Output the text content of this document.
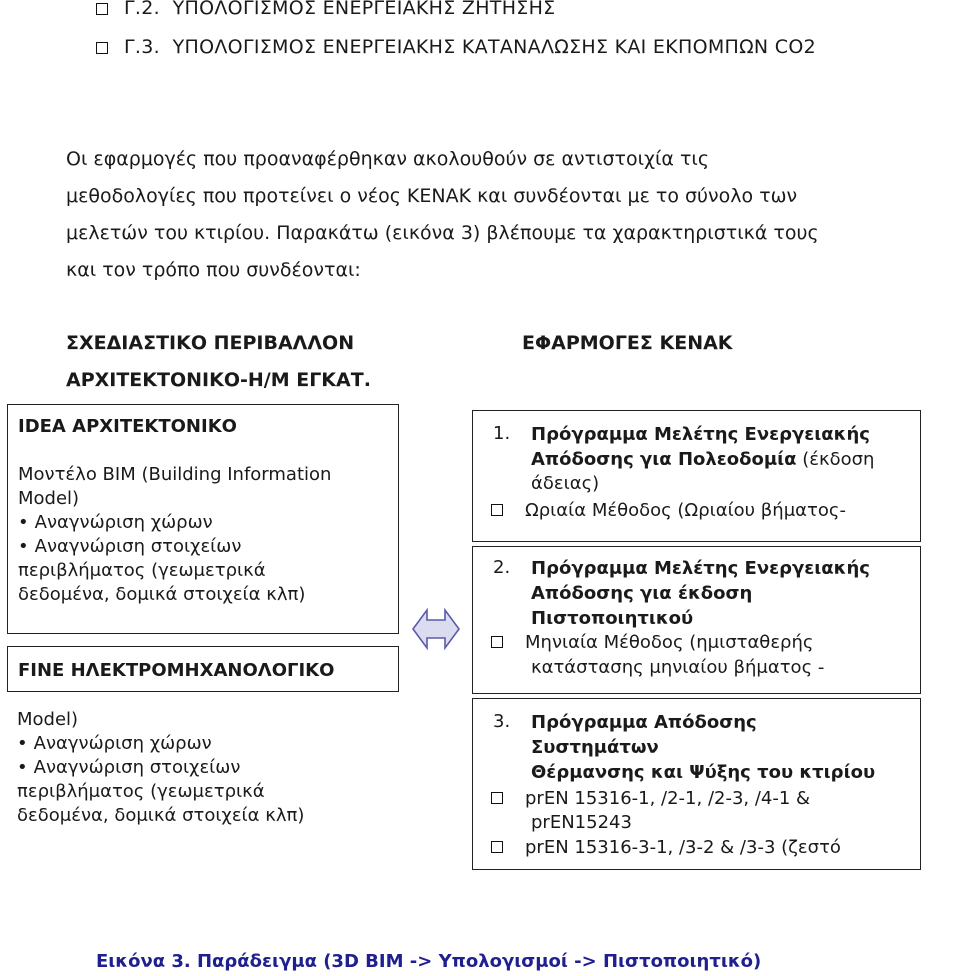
Γ.2. ΥΠΟΛΟΓΙΣΜΟΣ ΕΝΕΡΓΕΙΑΚΗΣ ΖΗΤΗΣΗΣ
Γ.3. ΥΠΟΛΟΓΙΣΜΟΣ ΕΝΕΡΓΕΙΑΚΗΣ ΚΑΤΑΝΑΛΩΣΗΣ ΚΑΙ ΕΚΠΟΜΠΩΝ CO2
Οι εφαρμογές που προαναφέρθηκαν ακολουθούν σε αντιστοιχία τις
μεθοδολογίες που προτείνει ο νέος ΚΕΝΑΚ και συνδέονται με το σύνολο των
μελετών του κτιρίου. Παρακάτω (εικόνα 3) βλέπουμε τα χαρακτηριστικά τους
και τον τρόπο που συνδέονται:
ΣΧΕΔΙΑΣΤΙΚΟ ΠΕΡΙΒΑΛΛΟΝ
ΑΡΧΙΤΕΚΤΟΝΙΚΟ-Η/Μ ΕΓΚΑΤ.
ΕΦΑΡΜΟΓΕΣ ΚΕΝΑΚ
IDEA ΑΡΧΙΤΕΚΤΟΝΙΚΟ
Μοντέλο BIM (Building Information
Model)
• Αναγνώριση χώρων
• Αναγνώριση στοιχείων
περιβλήματος (γεωμετρικά
δεδομένα, δομικά στοιχεία κλπ)
FINE ΗΛΕΚΤΡΟΜΗΧΑΝΟΛΟΓΙΚΟ
Model)
• Αναγνώριση χώρων
• Αναγνώριση στοιχείων
περιβλήματος (γεωμετρικά
δεδομένα, δομικά στοιχεία κλπ)
1. Πρόγραμμα Μελέτης Ενεργειακής
Απόδοσης για Πολεοδομία (έκδοση
άδειας)
Ωριαία Μέθοδος (Ωριαίου βήματος-
2. Πρόγραμμα Μελέτης Ενεργειακής
Απόδοσης για έκδοση
Πιστοποιητικού
Μηνιαία Μέθοδος (ημισταθερής
κατάστασης μηνιαίου βήματος -
3. Πρόγραμμα Απόδοσης
Συστημάτων
Θέρμανσης και Ψύξης του κτιρίου
prEN 15316-1, /2-1, /2-3, /4-1 &
prEN15243
prEN 15316-3-1, /3-2 & /3-3 (ζεστό
Εικόνα 3. Παράδειγμα (3D BIM -> Υπολογισμοί -> Πιστοποιητικό)
